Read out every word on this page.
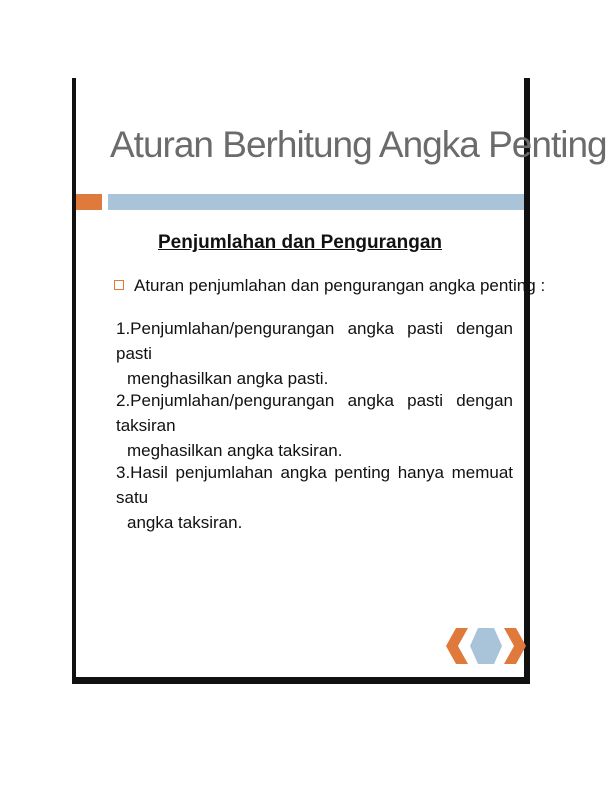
Aturan Berhitung Angka Penting
Penjumlahan dan Pengurangan
Aturan penjumlahan dan pengurangan angka penting :
1.Penjumlahan/pengurangan angka pasti dengan pasti
menghasilkan angka pasti.
2.Penjumlahan/pengurangan angka pasti dengan taksiran
meghasilkan angka taksiran.
3.Hasil penjumlahan angka penting hanya memuat satu
angka taksiran.
